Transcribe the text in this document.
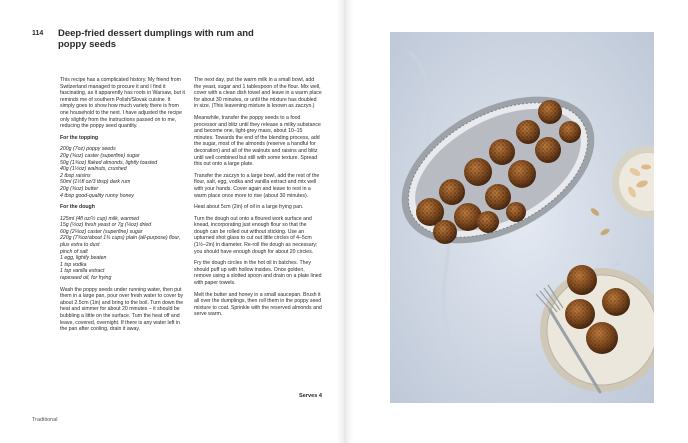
114 Deep-fried dessert dumplings with rum and poppy seeds

This recipe has a complicated history. My friend from Switzerland managed to procure it and I find it fascinating, as it apparently has roots in Warsaw, but it reminds me of southern Polish/Slovak cuisine. It simply goes to show how much variety there is from one household to the next. I have adjusted the recipe only slightly from the instructions passed on to me, reducing the poppy seed quantity.

For the topping

200g (7oz) poppy seeds
20g (¾oz) caster (superfine) sugar
50g (1¾oz) flaked almonds, lightly toasted
40g (1½oz) walnuts, crushed
2 tbsp raisins
50ml (1½fl oz/3 tbsp) dark rum
20g (¾oz) butter
4 tbsp good-quality runny honey

For the dough

125ml (4fl oz/½ cup) milk, warmed
15g (½oz) fresh yeast or 7g (¼oz) dried
60g (2¼oz) caster (superfine) sugar
220g (7¾oz/about 1¾ cups) plain (all-purpose) flour, plus extra to dust
pinch of salt
1 egg, lightly beaten
1 tsp vodka
1 tsp vanilla extract
rapeseed oil, for frying

Wash the poppy seeds under running water, then put them in a large pan, pour over fresh water to cover by about 2.5cm (1in) and bring to the boil. Turn down the heat and simmer for about 20 minutes – it should be bubbling a little on the surface. Turn the heat off and leave, covered, overnight. If there is any water left in the pan after cooling, drain it away.

The next day, put the warm milk in a small bowl, add the yeast, sugar and 1 tablespoon of the flour. Mix well, cover with a clean dish towel and leave in a warm place for about 30 minutes, or until the mixture has doubled in size. (This leavening mixture is known as zaczyn.)

Meanwhile, transfer the poppy seeds to a food processor and blitz until they release a milky substance and become one, light-grey mass, about 10–15 minutes. Towards the end of the blending process, add the sugar, most of the almonds (reserve a handful for decoration) and all of the walnuts and raisins and blitz until well combined but still with some texture. Spread this out onto a large plate.

Transfer the zaczyn to a large bowl, add the rest of the flour, salt, egg, vodka and vanilla extract and mix well with your hands. Cover again and leave to rest in a warm place once more to rise (about 30 minutes).

Heat about 5cm (2in) of oil in a large frying pan.

Turn the dough out onto a floured work surface and knead, incorporating just enough flour so that the dough can be rolled out without sticking. Use an upturned shot glass to cut out little circles of 4–5cm (1½–2in) in diameter. Re-roll the dough as necessary; you should have enough dough for about 20 circles.

Fry the dough circles in the hot oil in batches. They should puff up with hollow insides. Once golden, remove using a slotted spoon and drain on a plate lined with paper towels.

Melt the butter and honey in a small saucepan. Brush it all over the dumplings, then roll them in the poppy seed mixture to coat. Sprinkle with the reserved almonds and serve warm.

Serves 4
Traditional
